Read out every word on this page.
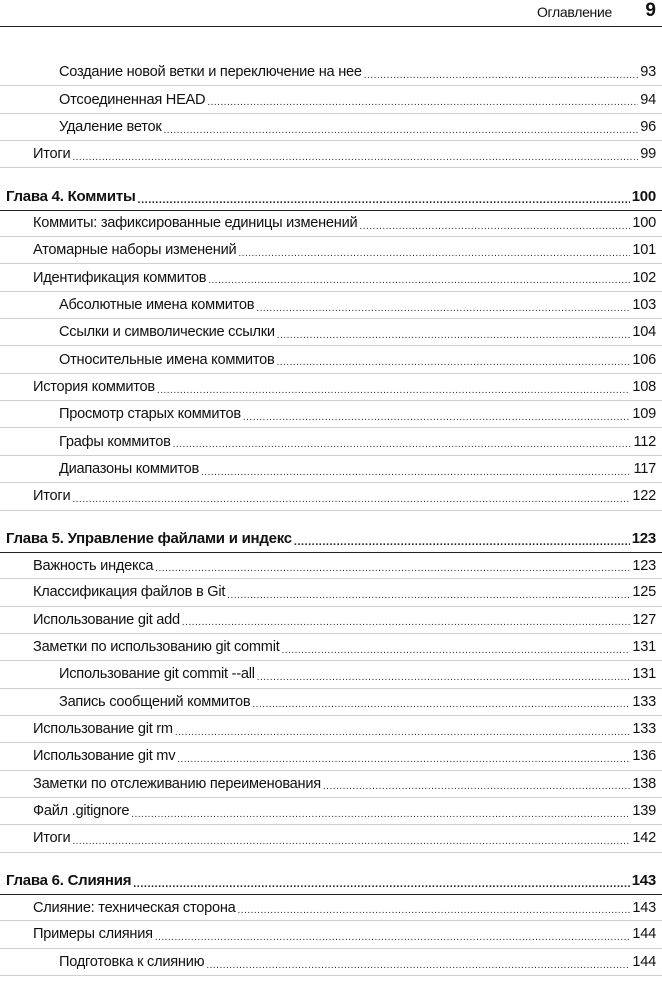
Оглавление 9
Создание новой ветки и переключение на нее .....	93
Отсоединенная HEAD .....	94
Удаление веток .....	96
Итоги .....	99
Глава 4. Коммиты .....	100
Коммиты: зафиксированные единицы изменений .....	100
Атомарные наборы изменений .....	101
Идентификация коммитов .....	102
Абсолютные имена коммитов .....	103
Ссылки и символические ссылки .....	104
Относительные имена коммитов .....	106
История коммитов .....	108
Просмотр старых коммитов .....	109
Графы коммитов .....	112
Диапазоны коммитов .....	117
Итоги .....	122
Глава 5. Управление файлами и индекс .....	123
Важность индекса .....	123
Классификация файлов в Git .....	125
Использование git add .....	127
Заметки по использованию git commit .....	131
Использование git commit --all .....	131
Запись сообщений коммитов .....	133
Использование git rm .....	133
Использование git mv .....	136
Заметки по отслеживанию переименования .....	138
Файл .gitignore .....	139
Итоги .....	142
Глава 6. Слияния .....	143
Слияние: техническая сторона .....	143
Примеры слияния .....	144
Подготовка к слиянию .....	144
